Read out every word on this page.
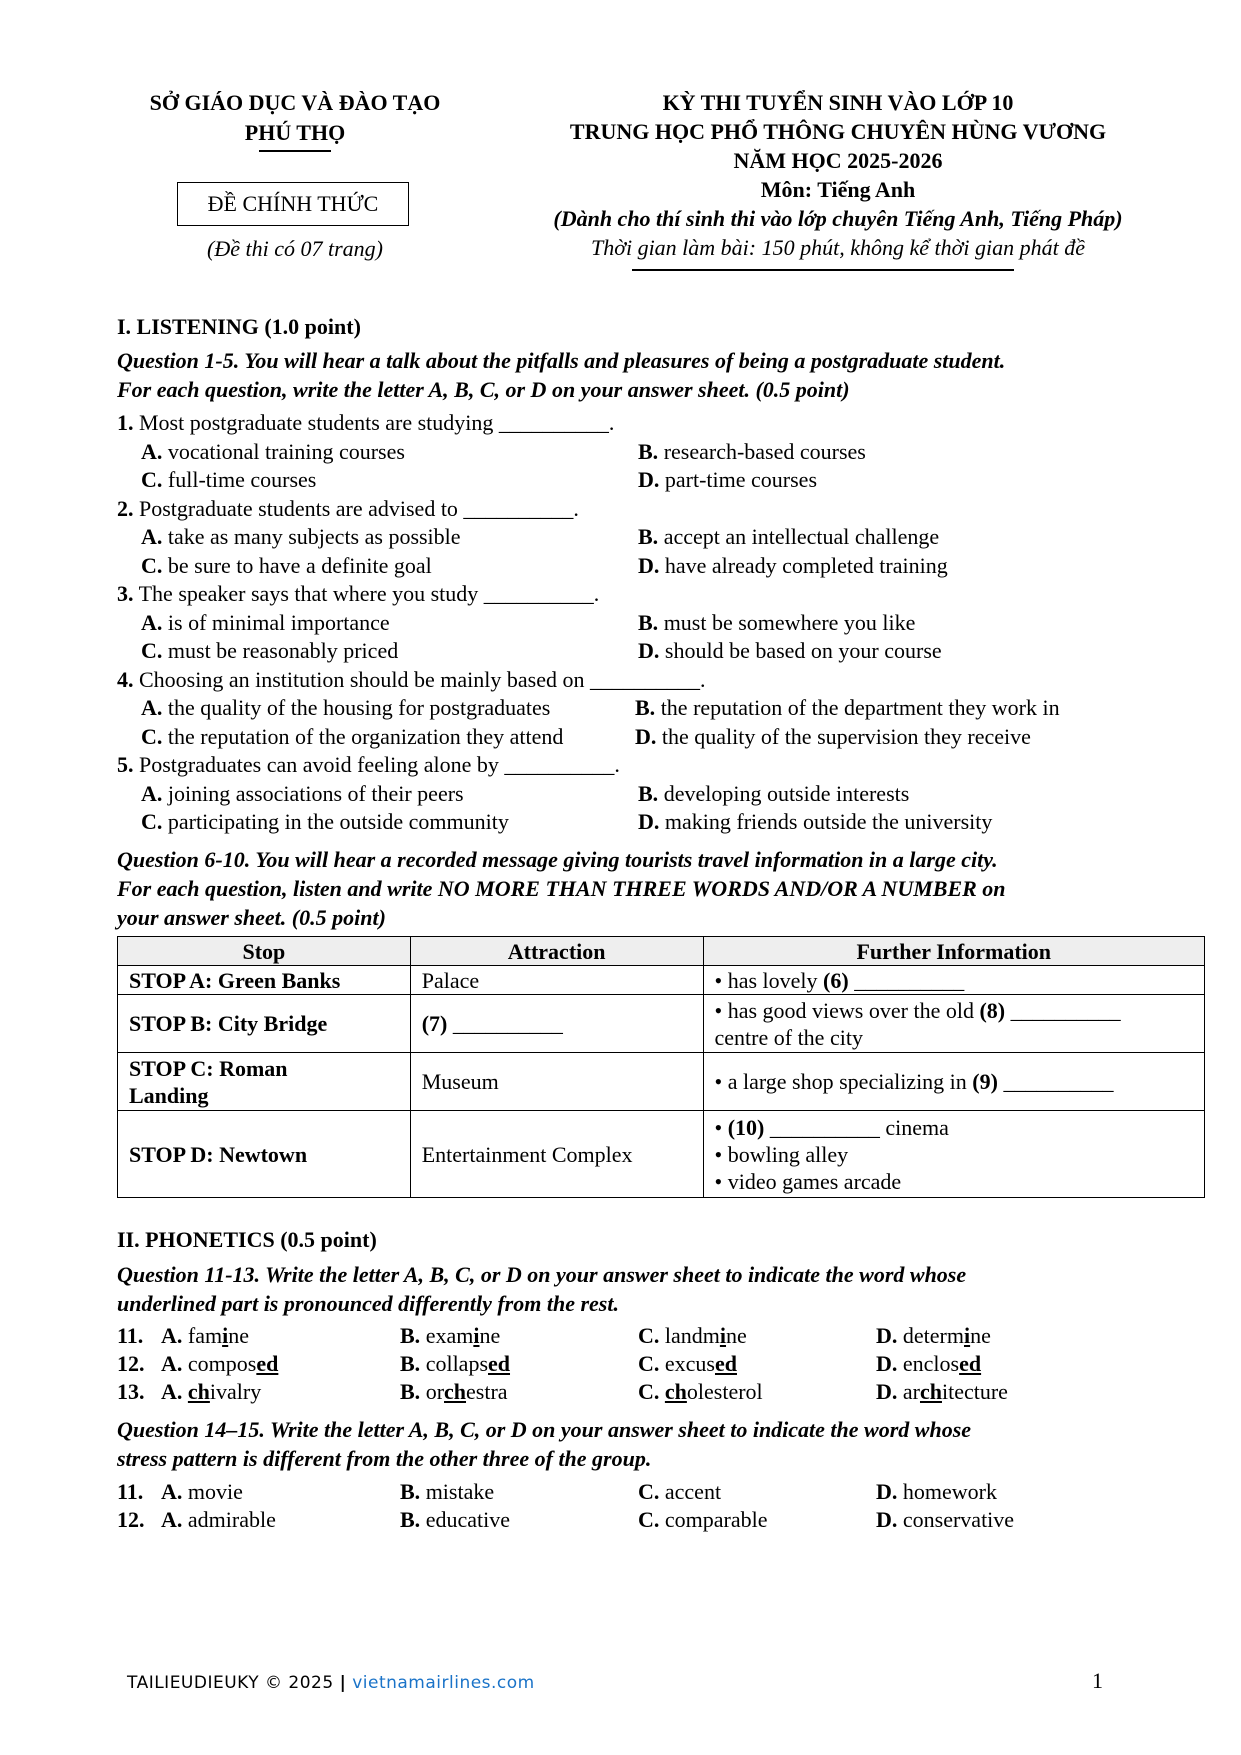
SỞ GIÁO DỤC VÀ ĐÀO TẠO
PHÚ THỌ
ĐỀ CHÍNH THỨC
(Đề thi có 07 trang)
KỲ THI TUYỂN SINH VÀO LỚP 10
TRUNG HỌC PHỔ THÔNG CHUYÊN HÙNG VƯƠNG
NĂM HỌC 2025-2026
Môn: Tiếng Anh
(Dành cho thí sinh thi vào lớp chuyên Tiếng Anh, Tiếng Pháp)
Thời gian làm bài: 150 phút, không kể thời gian phát đề
I. LISTENING (1.0 point)
Question 1-5. You will hear a talk about the pitfalls and pleasures of being a postgraduate student.
For each question, write the letter A, B, C, or D on your answer sheet. (0.5 point)
1. Most postgraduate students are studying __________.
A. vocational training courses	B. research-based courses
C. full-time courses	D. part-time courses
2. Postgraduate students are advised to __________.
A. take as many subjects as possible	B. accept an intellectual challenge
C. be sure to have a definite goal	D. have already completed training
3. The speaker says that where you study __________.
A. is of minimal importance	B. must be somewhere you like
C. must be reasonably priced	D. should be based on your course
4. Choosing an institution should be mainly based on __________.
A. the quality of the housing for postgraduates	B. the reputation of the department they work in
C. the reputation of the organization they attend	D. the quality of the supervision they receive
5. Postgraduates can avoid feeling alone by __________.
A. joining associations of their peers	B. developing outside interests
C. participating in the outside community	D. making friends outside the university
Question 6-10. You will hear a recorded message giving tourists travel information in a large city.
For each question, listen and write NO MORE THAN THREE WORDS AND/OR A NUMBER on
your answer sheet. (0.5 point)
Stop	Attraction	Further Information
STOP A: Green Banks	Palace	• has lovely (6) __________
STOP B: City Bridge	(7) __________	• has good views over the old (8) __________
centre of the city
STOP C: Roman
Landing	Museum	• a large shop specializing in (9) __________
STOP D: Newtown	Entertainment Complex	• (10) __________ cinema
• bowling alley
• video games arcade
II. PHONETICS (0.5 point)
Question 11-13. Write the letter A, B, C, or D on your answer sheet to indicate the word whose
underlined part is pronounced differently from the rest.
11. A. famine	B. examine	C. landmine	D. determine
12. A. composed	B. collapsed	C. excused	D. enclosed
13. A. chivalry	B. orchestra	C. cholesterol	D. architecture
Question 14–15. Write the letter A, B, C, or D on your answer sheet to indicate the word whose
stress pattern is different from the other three of the group.
11. A. movie	B. mistake	C. accent	D. homework
12. A. admirable	B. educative	C. comparable	D. conservative
TAILIEUDIEUKY © 2025 | vietnamairlines.com	1
